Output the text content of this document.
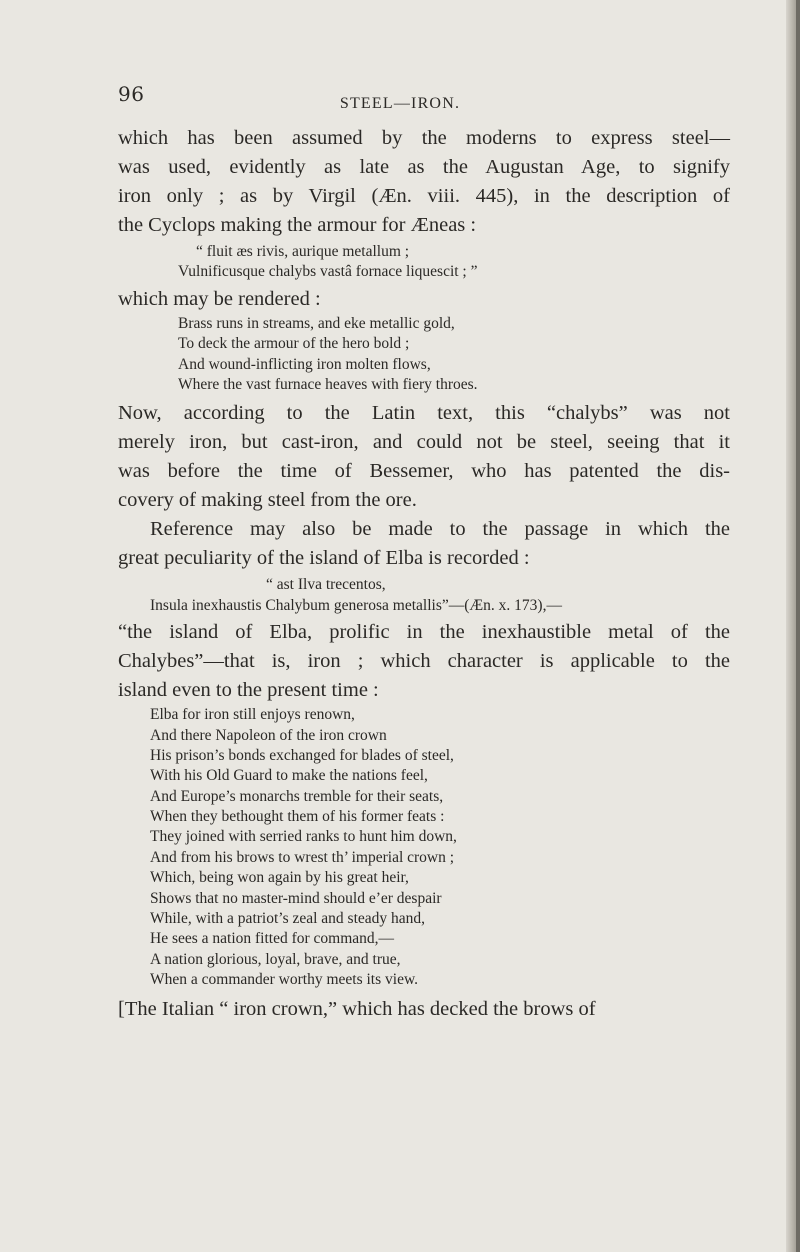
96	STEEL—IRON.
which has been assumed by the moderns to express steel—
was used, evidently as late as the Augustan Age, to signify
iron only ; as by Virgil (Æn. viii. 445), in the description of
the Cyclops making the armour for Æneas :
“ fluit æs rivis, aurique metallum ;
Vulnificusque chalybs vastâ fornace liquescit ; ”
which may be rendered :
Brass runs in streams, and eke metallic gold,
To deck the armour of the hero bold ;
And wound-inflicting iron molten flows,
Where the vast furnace heaves with fiery throes.
Now, according to the Latin text, this “chalybs” was not
merely iron, but cast-iron, and could not be steel, seeing that it
was before the time of Bessemer, who has patented the dis-
covery of making steel from the ore.
Reference may also be made to the passage in which the
great peculiarity of the island of Elba is recorded :
“ ast Ilva trecentos,
Insula inexhaustis Chalybum generosa metallis”—(Æn. x. 173),—
“the island of Elba, prolific in the inexhaustible metal of the
Chalybes”—that is, iron ; which character is applicable to the
island even to the present time :
Elba for iron still enjoys renown,
And there Napoleon of the iron crown
His prison’s bonds exchanged for blades of steel,
With his Old Guard to make the nations feel,
And Europe’s monarchs tremble for their seats,
When they bethought them of his former feats :
They joined with serried ranks to hunt him down,
And from his brows to wrest th’ imperial crown ;
Which, being won again by his great heir,
Shows that no master-mind should e’er despair
While, with a patriot’s zeal and steady hand,
He sees a nation fitted for command,—
A nation glorious, loyal, brave, and true,
When a commander worthy meets its view.
[The Italian “ iron crown,” which has decked the brows of
